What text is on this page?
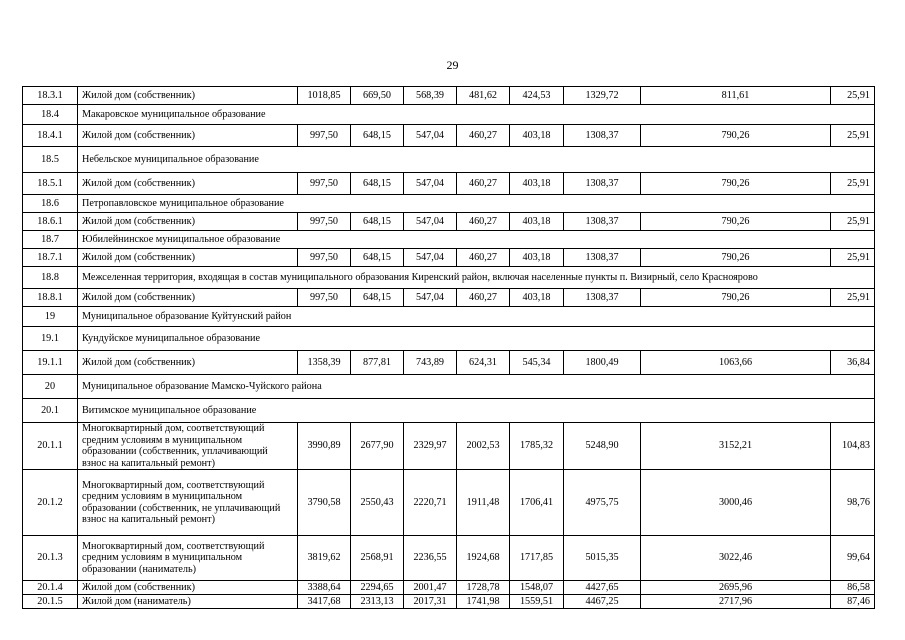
29
18.3.1	Жилой дом (собственник)	1018,85	669,50	568,39	481,62	424,53	1329,72	811,61	25,91
18.4	Макаровское муниципальное образование								
18.4.1	Жилой дом (собственник)	997,50	648,15	547,04	460,27	403,18	1308,37	790,26	25,91
18.5	Небельское муниципальное образование								
18.5.1	Жилой дом (собственник)	997,50	648,15	547,04	460,27	403,18	1308,37	790,26	25,91
18.6	Петропавловское муниципальное образование								
18.6.1	Жилой дом (собственник)	997,50	648,15	547,04	460,27	403,18	1308,37	790,26	25,91
18.7	Юбилейнинское муниципальное образование								
18.7.1	Жилой дом (собственник)	997,50	648,15	547,04	460,27	403,18	1308,37	790,26	25,91
18.8	Межселенная территория, входящая в состав муниципального образования Киренский район, включая населенные пункты п. Визирный, село Красноярово								
18.8.1	Жилой дом (собственник)	997,50	648,15	547,04	460,27	403,18	1308,37	790,26	25,91
19	Муниципальное образование Куйтунский район								
19.1	Кундуйское муниципальное образование								
19.1.1	Жилой дом (собственник)	1358,39	877,81	743,89	624,31	545,34	1800,49	1063,66	36,84
20	Муниципальное образование Мамско-Чуйского района								
20.1	Витимское муниципальное образование								
20.1.1	Многоквартирный дом, соответствующий средним условиям в муниципальном образовании (собственник, уплачивающий взнос на капитальный ремонт)	3990,89	2677,90	2329,97	2002,53	1785,32	5248,90	3152,21	104,83
20.1.2	Многоквартирный дом, соответствующий средним условиям в муниципальном образовании (собственник, не уплачивающий взнос на капитальный ремонт)	3790,58	2550,43	2220,71	1911,48	1706,41	4975,75	3000,46	98,76
20.1.3	Многоквартирный дом, соответствующий средним условиям в муниципальном образовании (наниматель)	3819,62	2568,91	2236,55	1924,68	1717,85	5015,35	3022,46	99,64
20.1.4	Жилой дом (собственник)	3388,64	2294,65	2001,47	1728,78	1548,07	4427,65	2695,96	86,58
20.1.5	Жилой дом (наниматель)	3417,68	2313,13	2017,31	1741,98	1559,51	4467,25	2717,96	87,46
